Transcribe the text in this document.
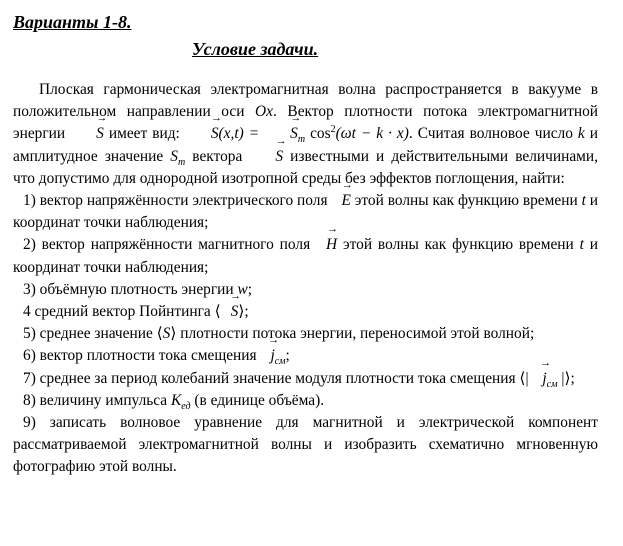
Варианты 1-8.
Условие задачи.

Плоская гармоническая электромагнитная волна распространяется в вакууме в положительном направлении оси Ox. Вектор плотности потока электромагнитной энергии S → имеет вид: $S \to(x,t) = S \to_m$ $\cos^2(\omega t - k \cdot x)$. Считая волновое число k и амплитудное значение $S_m$ вектора S → известными и действительными величинами, что допустимо для однородной изотропной среды без эффектов поглощения, найти:

1) вектор напряжённости электрического поля E → этой волны как функцию времени t и координат точки наблюдения;

2) вектор напряжённости магнитного поля H → этой волны как функцию времени t и координат точки наблюдения;

3) объёмную плотность энергии w;

4 средний вектор Пойнтинга ⟨ S →⟩;

5) среднее значение ⟨S⟩ плотности потока энергии, переносимой этой волной;

6) вектор плотности тока смещения $j \to_{см}$;

7) среднее за период колебаний значение модуля плотности тока смещения ⟨| $j \to_{см}$ |⟩;

8) величину импульса $K_{ед}$ (в единице объёма).

9) записать волновое уравнение для магнитной и электрической компонент рассматриваемой электромагнитной волны и изобразить схематично мгновенную фотографию этой волны.
